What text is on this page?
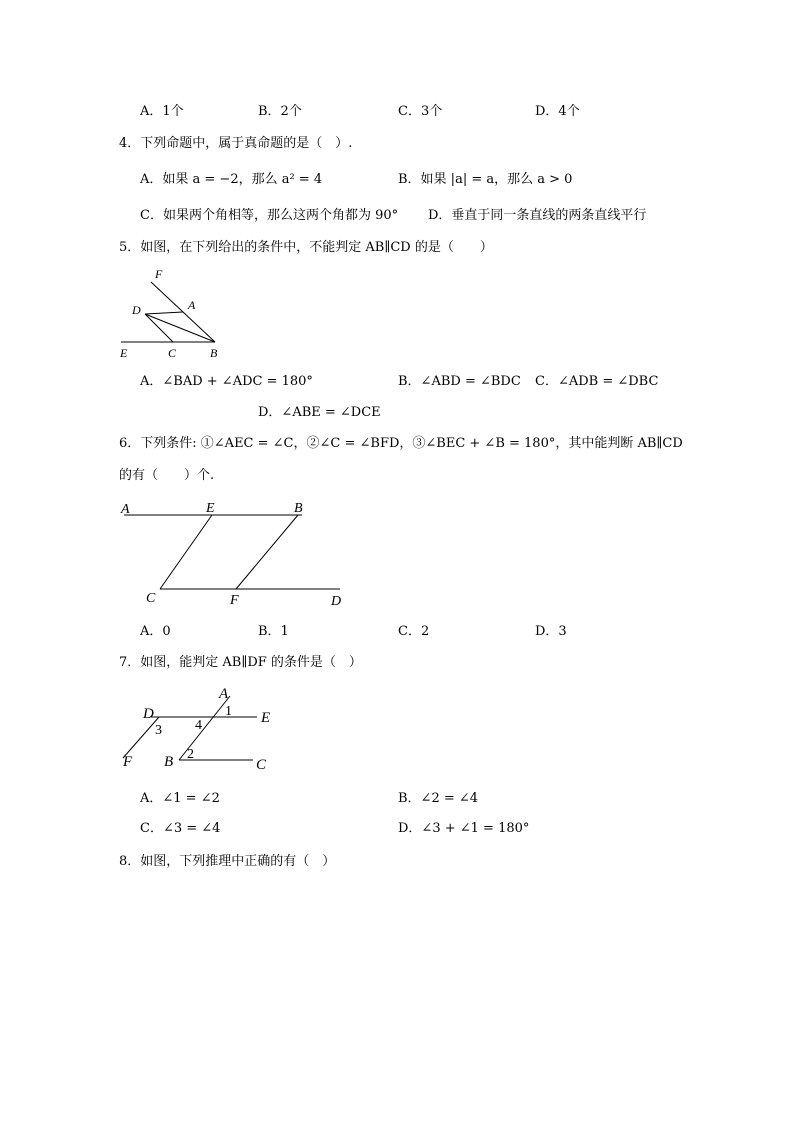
A．1个	B．2个	C．3个	D．4个
4．下列命题中，属于真命题的是（　）.
A．如果 a = −2，那么 a² = 4	B．如果 |a| = a，那么 a > 0
C．如果两个角相等，那么这两个角都为 90° D．垂直于同一条直线的两条直线平行
5．如图，在下列给出的条件中，不能判定 AB∥CD 的是（　　）
F
A
D
E	C	B
A．∠BAD + ∠ADC = 180°	B．∠ABD = ∠BDC C．∠ADB = ∠DBC
D．∠ABE = ∠DCE
6．下列条件: ①∠AEC = ∠C，②∠C = ∠BFD，③∠BEC + ∠B = 180°，其中能判断 AB∥CD
的有（　　）个.
A	E	B
C	F	D
A．0	B．1	C．2	D．3
7．如图，能判定 AB∥DF 的条件是（　）
A
D	E
F B	C
1
2
3 4
A．∠1 = ∠2	B．∠2 = ∠4
C．∠3 = ∠4	D．∠3 + ∠1 = 180°
8．如图，下列推理中正确的有（　）
